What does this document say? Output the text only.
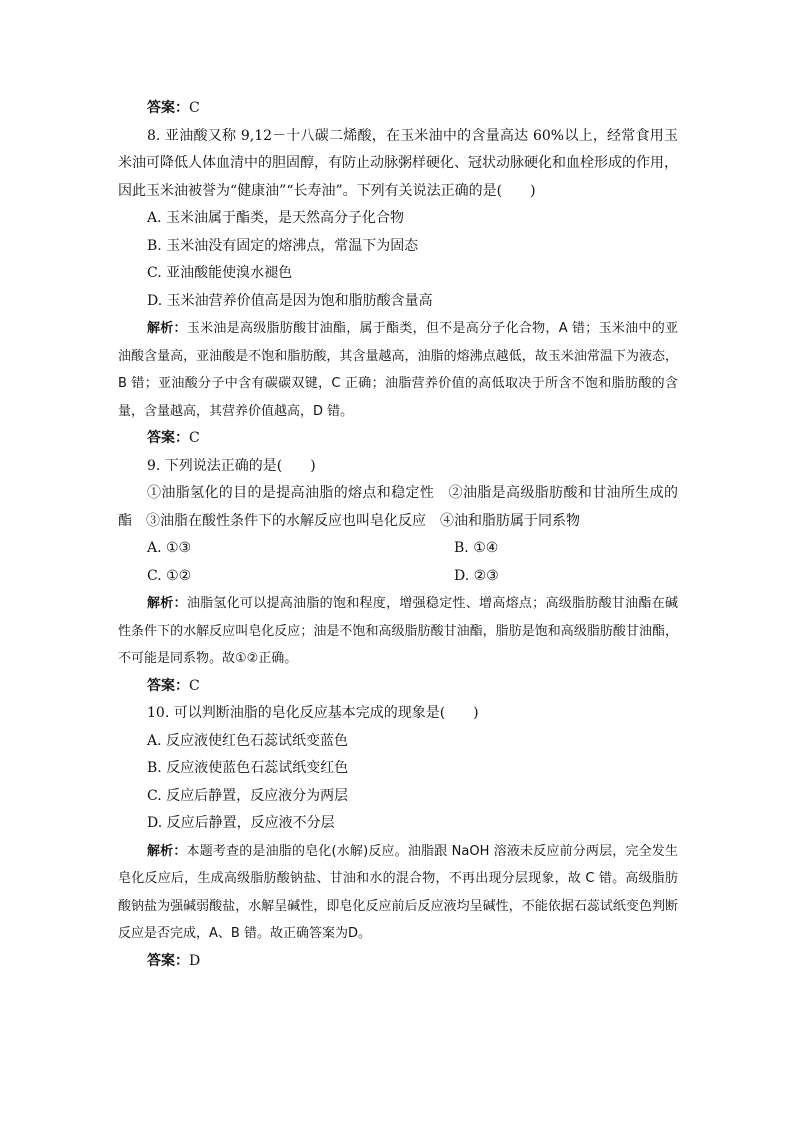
答案：C
8. 亚油酸又称 9,12－十八碳二烯酸，在玉米油中的含量高达 60%以上，经常食用玉米油可降低人体血清中的胆固醇，有防止动脉粥样硬化、冠状动脉硬化和血栓形成的作用，因此玉米油被誉为“健康油”“长寿油”。下列有关说法正确的是(　　)
A. 玉米油属于酯类，是天然高分子化合物
B. 玉米油没有固定的熔沸点，常温下为固态
C. 亚油酸能使溴水褪色
D. 玉米油营养价值高是因为饱和脂肪酸含量高
解析：玉米油是高级脂肪酸甘油酯，属于酯类，但不是高分子化合物，A 错；玉米油中的亚油酸含量高，亚油酸是不饱和脂肪酸，其含量越高，油脂的熔沸点越低，故玉米油常温下为液态，B 错；亚油酸分子中含有碳碳双键，C 正确；油脂营养价值的高低取决于所含不饱和脂肪酸的含量，含量越高，其营养价值越高，D 错。
答案：C
9. 下列说法正确的是(　　)
①油脂氢化的目的是提高油脂的熔点和稳定性　②油脂是高级脂肪酸和甘油所生成的酯　③油脂在酸性条件下的水解反应也叫皂化反应　④油和脂肪属于同系物
A. ①③	B. ①④
C. ①②	D. ②③
解析：油脂氢化可以提高油脂的饱和程度，增强稳定性、增高熔点；高级脂肪酸甘油酯在碱性条件下的水解反应叫皂化反应；油是不饱和高级脂肪酸甘油酯，脂肪是饱和高级脂肪酸甘油酯，不可能是同系物。故①②正确。
答案：C
10. 可以判断油脂的皂化反应基本完成的现象是(　　)
A. 反应液使红色石蕊试纸变蓝色
B. 反应液使蓝色石蕊试纸变红色
C. 反应后静置，反应液分为两层
D. 反应后静置，反应液不分层
解析：本题考查的是油脂的皂化(水解)反应。油脂跟 NaOH 溶液未反应前分两层，完全发生皂化反应后，生成高级脂肪酸钠盐、甘油和水的混合物，不再出现分层现象，故 C 错。高级脂肪酸钠盐为强碱弱酸盐，水解呈碱性，即皂化反应前后反应液均呈碱性，不能依据石蕊试纸变色判断反应是否完成，A、B 错。故正确答案为D。
答案：D
